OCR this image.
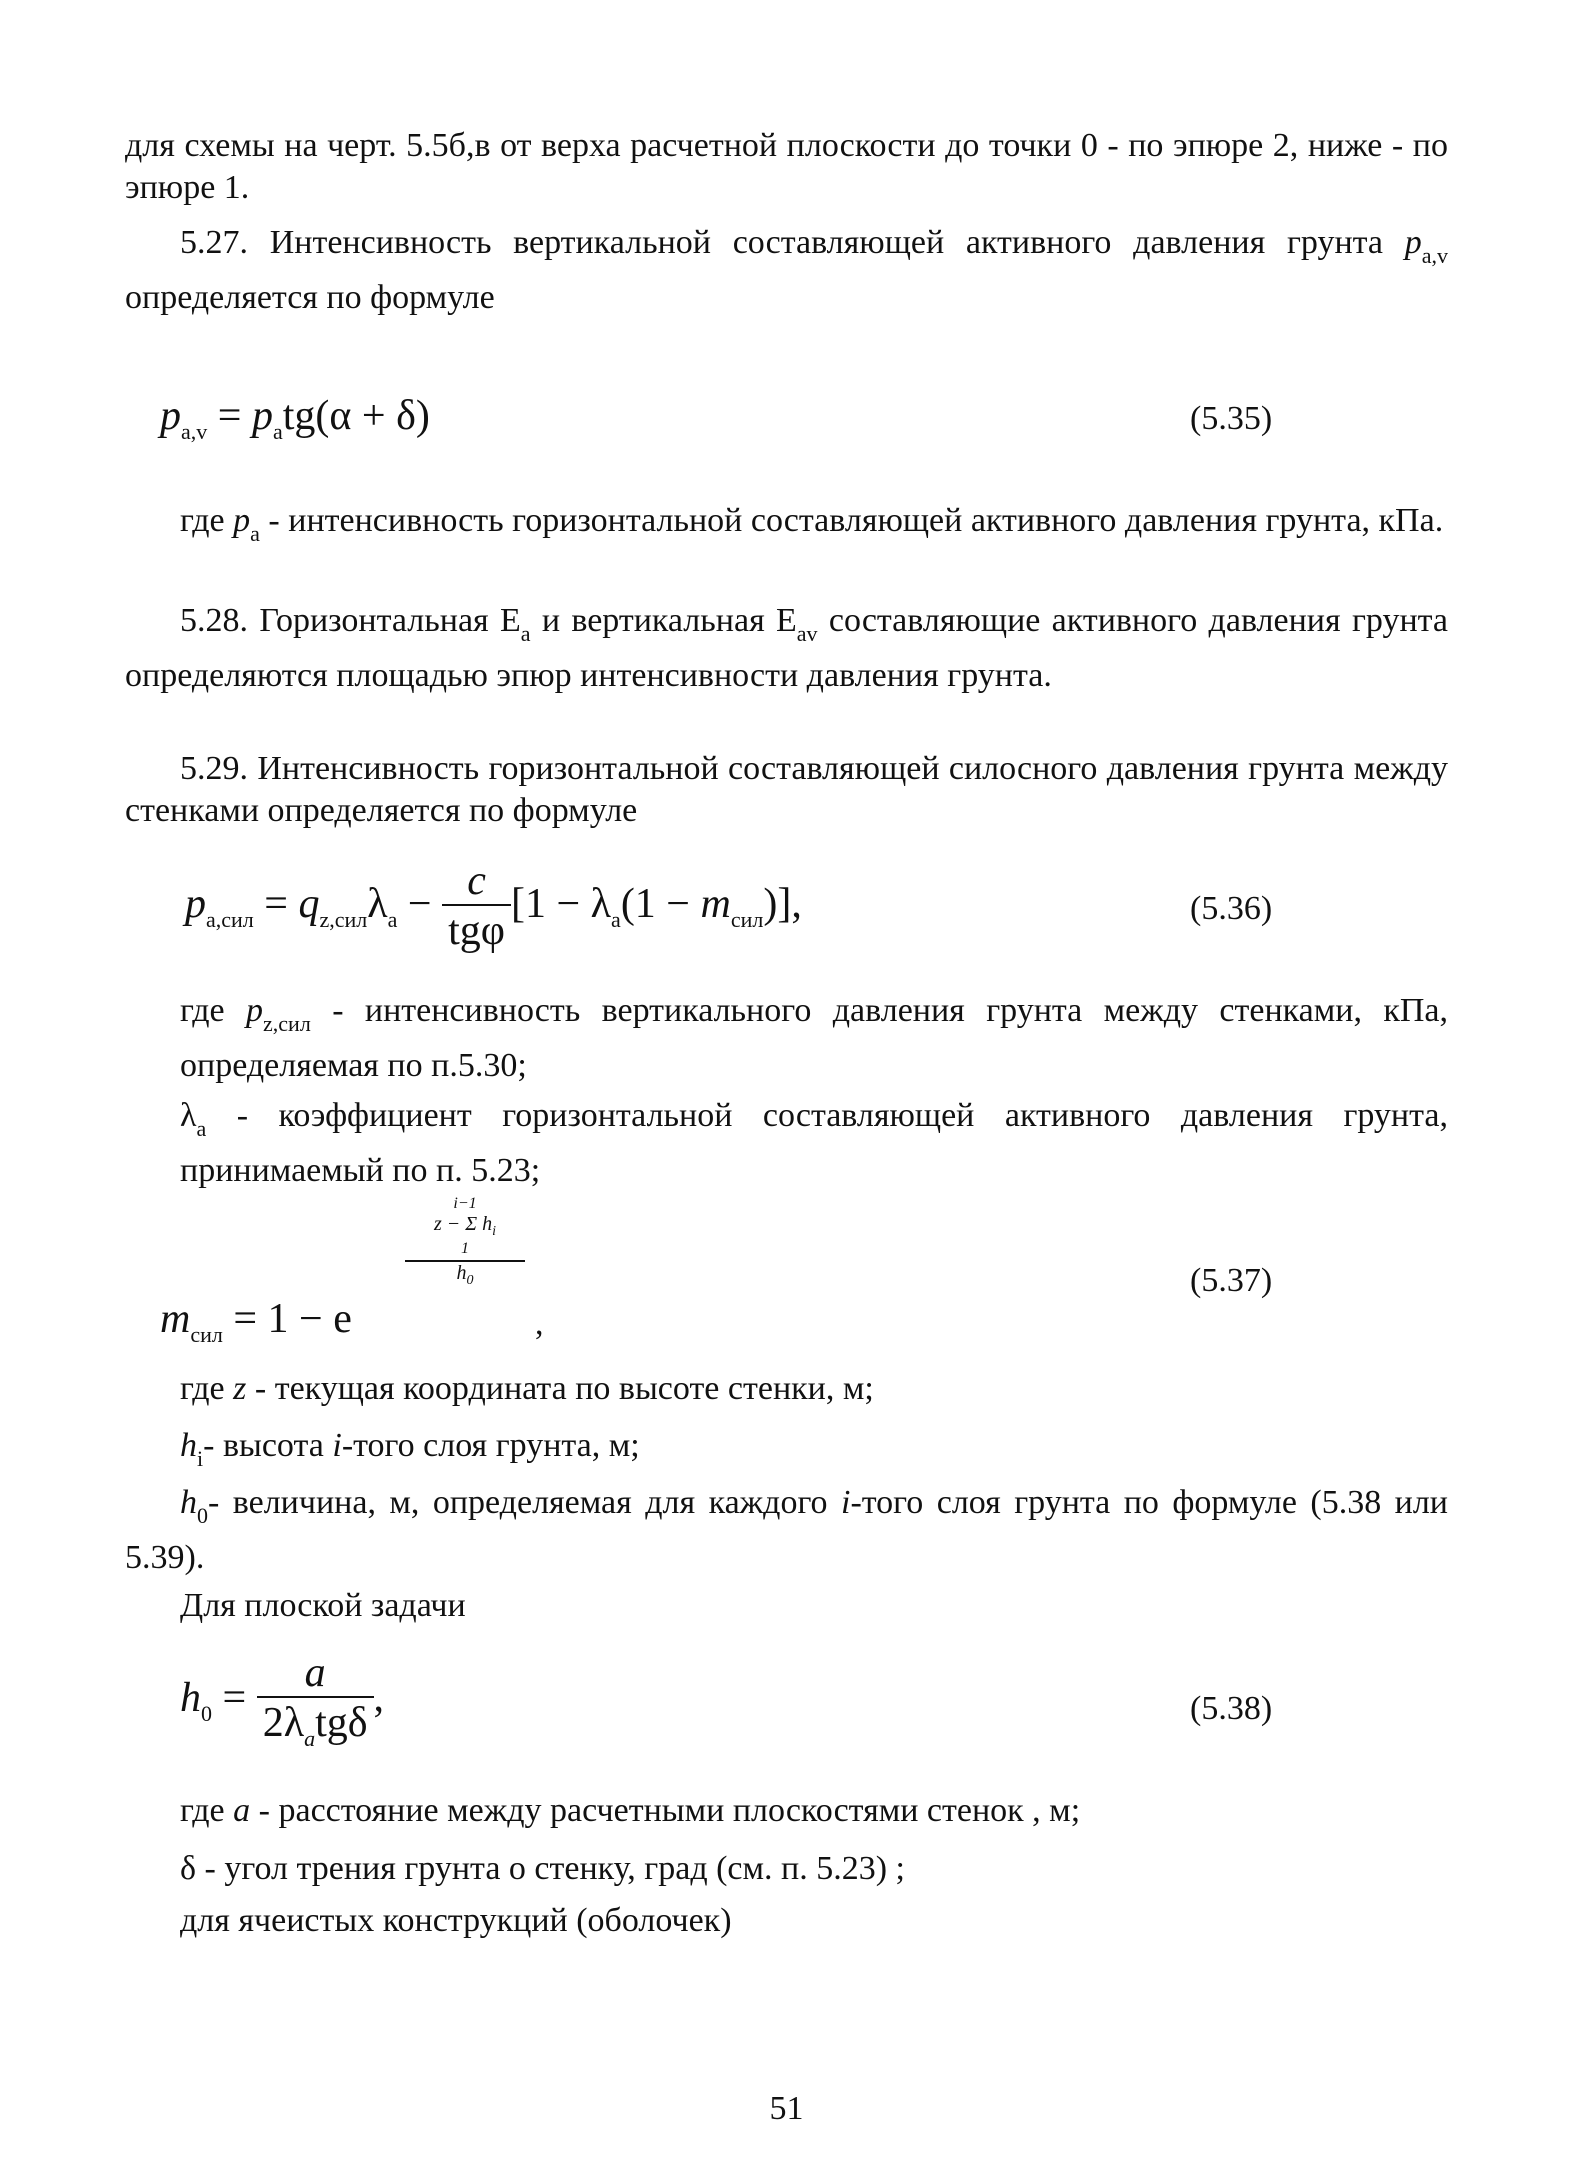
для схемы на черт. 5.5б,в от верха расчетной плоскости до точки 0 - по эпюре 2, ниже - по эпюре 1.
5.27. Интенсивность вертикальной составляющей активного давления грунта $p_{a,v}$ определяется по формуле
$p_{a,v} = p_atg(\alpha + \delta)$	(5.35)
где $p_a$ - интенсивность горизонтальной составляющей активного давления грунта, кПа.
5.28. Горизонтальная $E_a$ и вертикальная $E_{av}$ составляющие активного давления грунта определяются площадью эпюр интенсивности давления грунта.
5.29. Интенсивность горизонтальной составляющей силосного давления грунта между стенками определяется по формуле
$p_{a,сил} = q_{z,сил}\lambda_a - \frac{c}{\text{tgφ}} [1 - \lambda_a(1 - m_{сил})]$,	(5.36)
где $p_{z,сил}$ - интенсивность вертикального давления грунта между стенками, кПа, определяемая по п.5.30;
$\lambda_a$ - коэффициент горизонтальной составляющей активного давления грунта, принимаемый по п. 5.23;
$m_{сил} = 1 - e$
i−1
z − Σ $h_i$
1
$h_0$
,
(5.37)
где z - текущая координата по высоте стенки, м;
$h_i-$ высота i-того слоя грунта, м;
$h_0-$ величина, м, определяемая для каждого i-того слоя грунта по формуле (5.38 или 5.39).
Для плоской задачи
$h_0 = \frac{a}{2\lambda_atg\delta}$ ,	(5.38)
где a - расстояние между расчетными плоскостями стенок , м;
δ - угол трения грунта о стенку, град (см. п. 5.23) ;
для ячеистых конструкций (оболочек)
51
